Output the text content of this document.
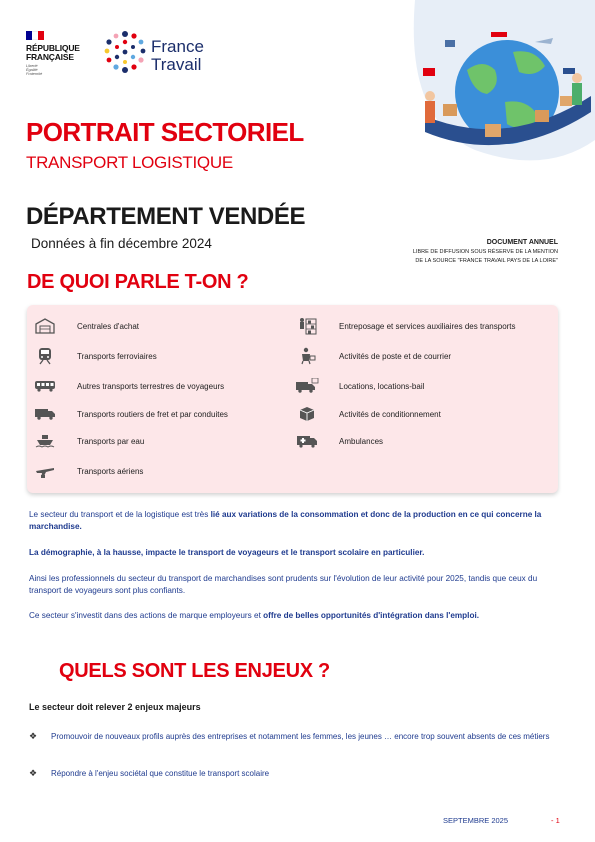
RÉPUBLIQUE
FRANÇAISE
Liberté
Égalité
Fraternité
France
Travail
PORTRAIT SECTORIEL
TRANSPORT LOGISTIQUE
DÉPARTEMENT VENDÉE
Données à fin décembre 2024	DOCUMENT ANNUEL
LIBRE DE DIFFUSION SOUS RÉSERVE DE LA MENTION
DE LA SOURCE "FRANCE TRAVAIL PAYS DE LA LOIRE"
DE QUOI PARLE T-ON ?
Centrales d'achat
Transports ferroviaires
Autres transports terrestres de voyageurs
Transports routiers de fret et par conduites
Transports par eau
Transports aériens
Entreposage et services auxiliaires des transports
Activités de poste et de courrier
Locations, locations-bail
Activités de conditionnement
Ambulances
Le secteur du transport et de la logistique est très lié aux variations de la consommation et donc de la production en ce qui concerne la marchandise.
La démographie, à la hausse, impacte le transport de voyageurs et le transport scolaire en particulier.
Ainsi les professionnels du secteur du transport de marchandises sont prudents sur l'évolution de leur activité pour 2025, tandis que ceux du transport de voyageurs sont plus confiants.
Ce secteur s'investit dans des actions de marque employeurs et offre de belles opportunités d'intégration dans l'emploi.
QUELS SONT LES ENJEUX ?
Le secteur doit relever 2 enjeux majeurs
❖	Promouvoir de nouveaux profils auprès des entreprises et notamment les femmes, les jeunes … encore trop souvent absents de ces métiers
❖	Répondre à l'enjeu sociétal que constitue le transport scolaire
SEPTEMBRE 2025	- 1
